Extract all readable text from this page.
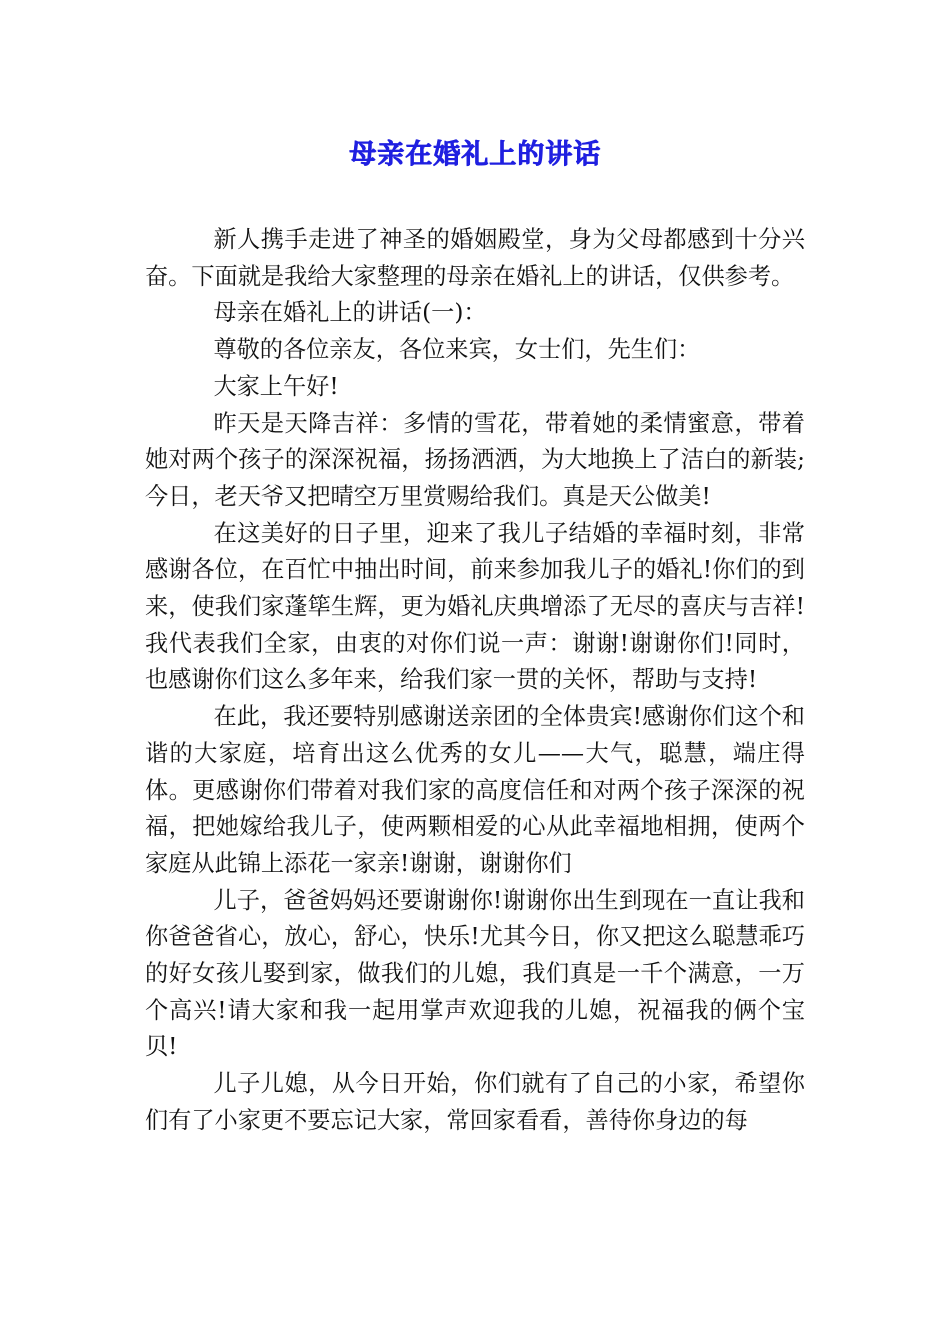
母亲在婚礼上的讲话

新人携手走进了神圣的婚姻殿堂，身为父母都感到十分兴奋。下面就是我给大家整理的母亲在婚礼上的讲话，仅供参考。

母亲在婚礼上的讲话(一)：

尊敬的各位亲友，各位来宾，女士们，先生们：

大家上午好!

昨天是天降吉祥：多情的雪花，带着她的柔情蜜意，带着她对两个孩子的深深祝福，扬扬洒洒，为大地换上了洁白的新装;今日，老天爷又把晴空万里赏赐给我们。真是天公做美!

在这美好的日子里，迎来了我儿子结婚的幸福时刻，非常感谢各位，在百忙中抽出时间，前来参加我儿子的婚礼!你们的到来，使我们家蓬筚生辉，更为婚礼庆典增添了无尽的喜庆与吉祥!我代表我们全家，由衷的对你们说一声：谢谢!谢谢你们!同时，也感谢你们这么多年来，给我们家一贯的关怀，帮助与支持!

在此，我还要特别感谢送亲团的全体贵宾!感谢你们这个和谐的大家庭，培育出这么优秀的女儿——大气，聪慧，端庄得体。更感谢你们带着对我们家的高度信任和对两个孩子深深的祝福，把她嫁给我儿子，使两颗相爱的心从此幸福地相拥，使两个家庭从此锦上添花一家亲!谢谢，谢谢你们

儿子，爸爸妈妈还要谢谢你!谢谢你出生到现在一直让我和你爸爸省心，放心，舒心，快乐!尤其今日，你又把这么聪慧乖巧的好女孩儿娶到家，做我们的儿媳，我们真是一千个满意，一万个高兴!请大家和我一起用掌声欢迎我的儿媳，祝福我的俩个宝贝!

儿子儿媳，从今日开始，你们就有了自己的小家，希望你们有了小家更不要忘记大家，常回家看看，善待你身边的每
